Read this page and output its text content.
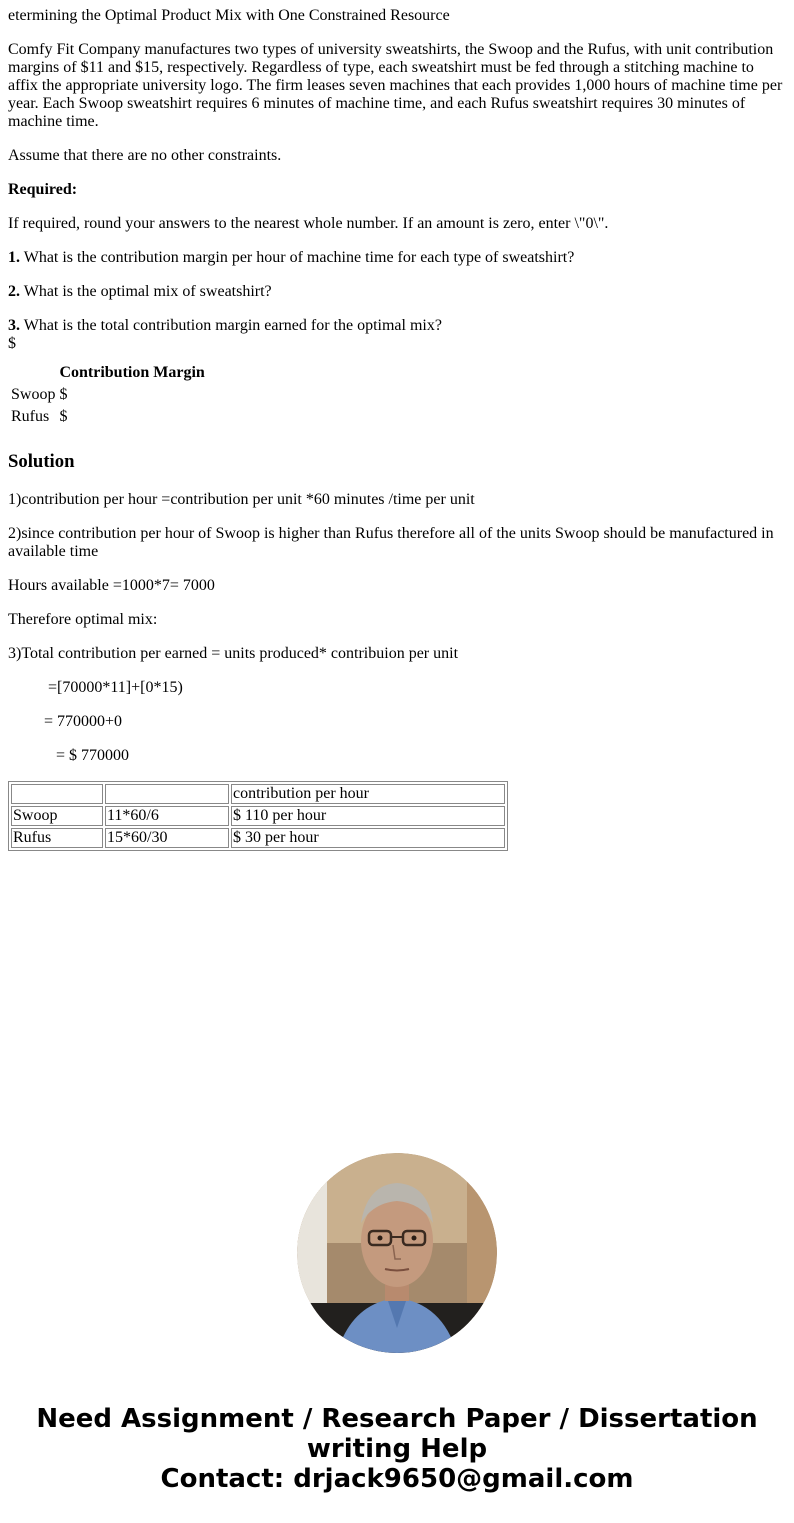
etermining the Optimal Product Mix with One Constrained Resource

Comfy Fit Company manufactures two types of university sweatshirts, the Swoop and the Rufus, with unit contribution margins of $11 and $15, respectively. Regardless of type, each sweatshirt must be fed through a stitching machine to affix the appropriate university logo. The firm leases seven machines that each provides 1,000 hours of machine time per year. Each Swoop sweatshirt requires 6 minutes of machine time, and each Rufus sweatshirt requires 30 minutes of machine time.

Assume that there are no other constraints.

Required:

If required, round your answers to the nearest whole number. If an amount is zero, enter \"0\".

1. What is the contribution margin per hour of machine time for each type of sweatshirt?

2. What is the optimal mix of sweatshirt?

3. What is the total contribution margin earned for the optimal mix?

$
	Contribution Margin
Swoop	$
Rufus	$
Solution

1)contribution per hour =contribution per unit *60 minutes /time per unit

2)since contribution per hour of Swoop is higher than Rufus therefore all of the units Swoop should be manufactured in available time

Hours available =1000*7= 7000

Therefore optimal mix:

3)Total contribution per earned = units produced* contribuion per unit

=[70000*11]+[0*15)

= 770000+0

= $ 770000

		contribution per hour
Swoop	11*60/6	$ 110 per hour
Rufus	15*60/30	$ 30 per hour
Need Assignment / Research Paper / Dissertation
writing Help
Contact: drjack9650@gmail.com
